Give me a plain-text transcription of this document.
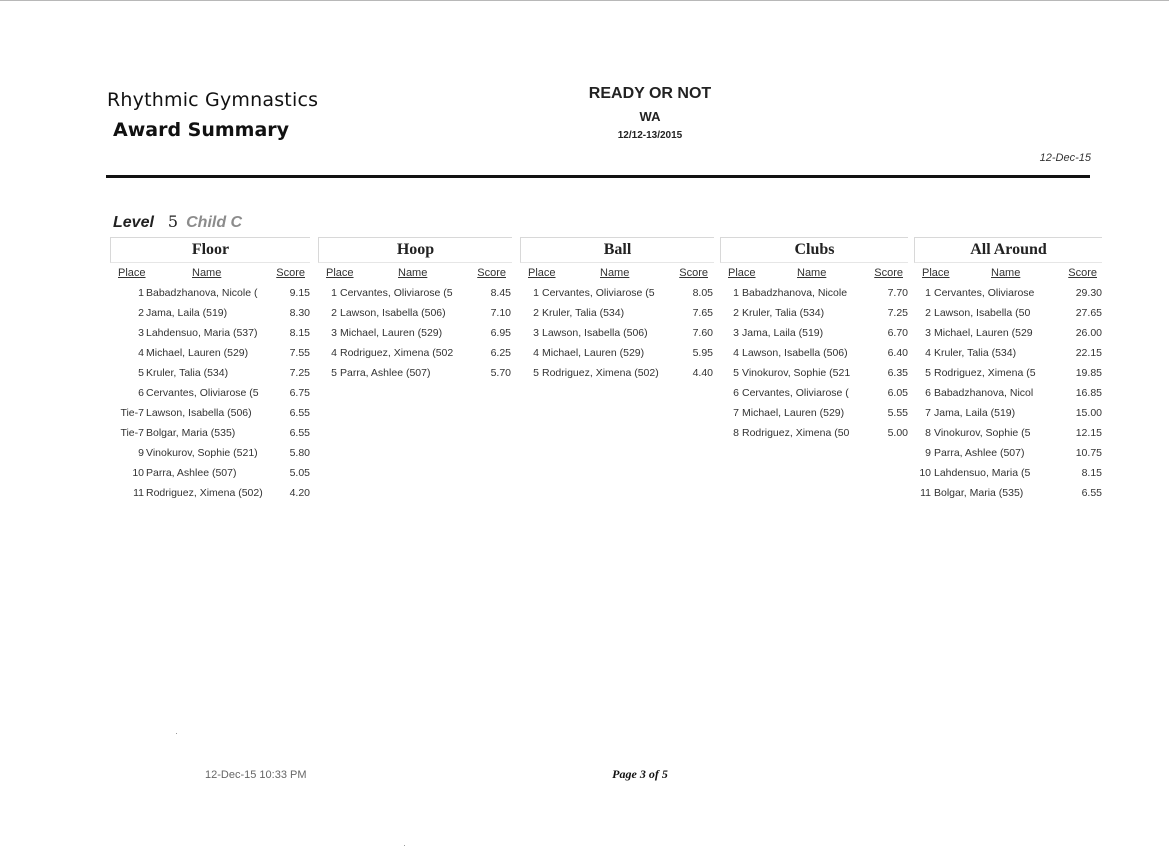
Rhythmic Gymnastics
Award Summary
READY OR NOT
WA
12/12-13/2015
12-Dec-15
Level 5 Child C
Floor
Place	Name	Score
1 Babadzhanova, Nicole (	9.15
2 Jama, Laila (519)	8.30
3 Lahdensuo, Maria (537)	8.15
4 Michael, Lauren (529)	7.55
5 Kruler, Talia (534)	7.25
6 Cervantes, Oliviarose (5	6.75
Tie-7 Lawson, Isabella (506)	6.55
Tie-7 Bolgar, Maria (535)	6.55
9 Vinokurov, Sophie (521)	5.80
10 Parra, Ashlee (507)	5.05
11 Rodriguez, Ximena (502)	4.20
Hoop
Place	Name	Score
1 Cervantes, Oliviarose (5	8.45
2 Lawson, Isabella (506)	7.10
3 Michael, Lauren (529)	6.95
4 Rodriguez, Ximena (502	6.25
5 Parra, Ashlee (507)	5.70
Ball
Place	Name	Score
1 Cervantes, Oliviarose (5	8.05
2 Kruler, Talia (534)	7.65
3 Lawson, Isabella (506)	7.60
4 Michael, Lauren (529)	5.95
5 Rodriguez, Ximena (502)	4.40
Clubs
Place	Name	Score
1 Babadzhanova, Nicole	7.70
2 Kruler, Talia (534)	7.25
3 Jama, Laila (519)	6.70
4 Lawson, Isabella (506)	6.40
5 Vinokurov, Sophie (521	6.35
6 Cervantes, Oliviarose (	6.05
7 Michael, Lauren (529)	5.55
8 Rodriguez, Ximena (50	5.00
All Around
Place	Name	Score
1 Cervantes, Oliviarose	29.30
2 Lawson, Isabella (50	27.65
3 Michael, Lauren (529	26.00
4 Kruler, Talia (534)	22.15
5 Rodriguez, Ximena (5	19.85
6 Babadzhanova, Nicol	16.85
7 Jama, Laila (519)	15.00
8 Vinokurov, Sophie (5	12.15
9 Parra, Ashlee (507)	10.75
10 Lahdensuo, Maria (5	8.15
11 Bolgar, Maria (535)	6.55
12-Dec-15 10:33 PM	Page 3 of 5
